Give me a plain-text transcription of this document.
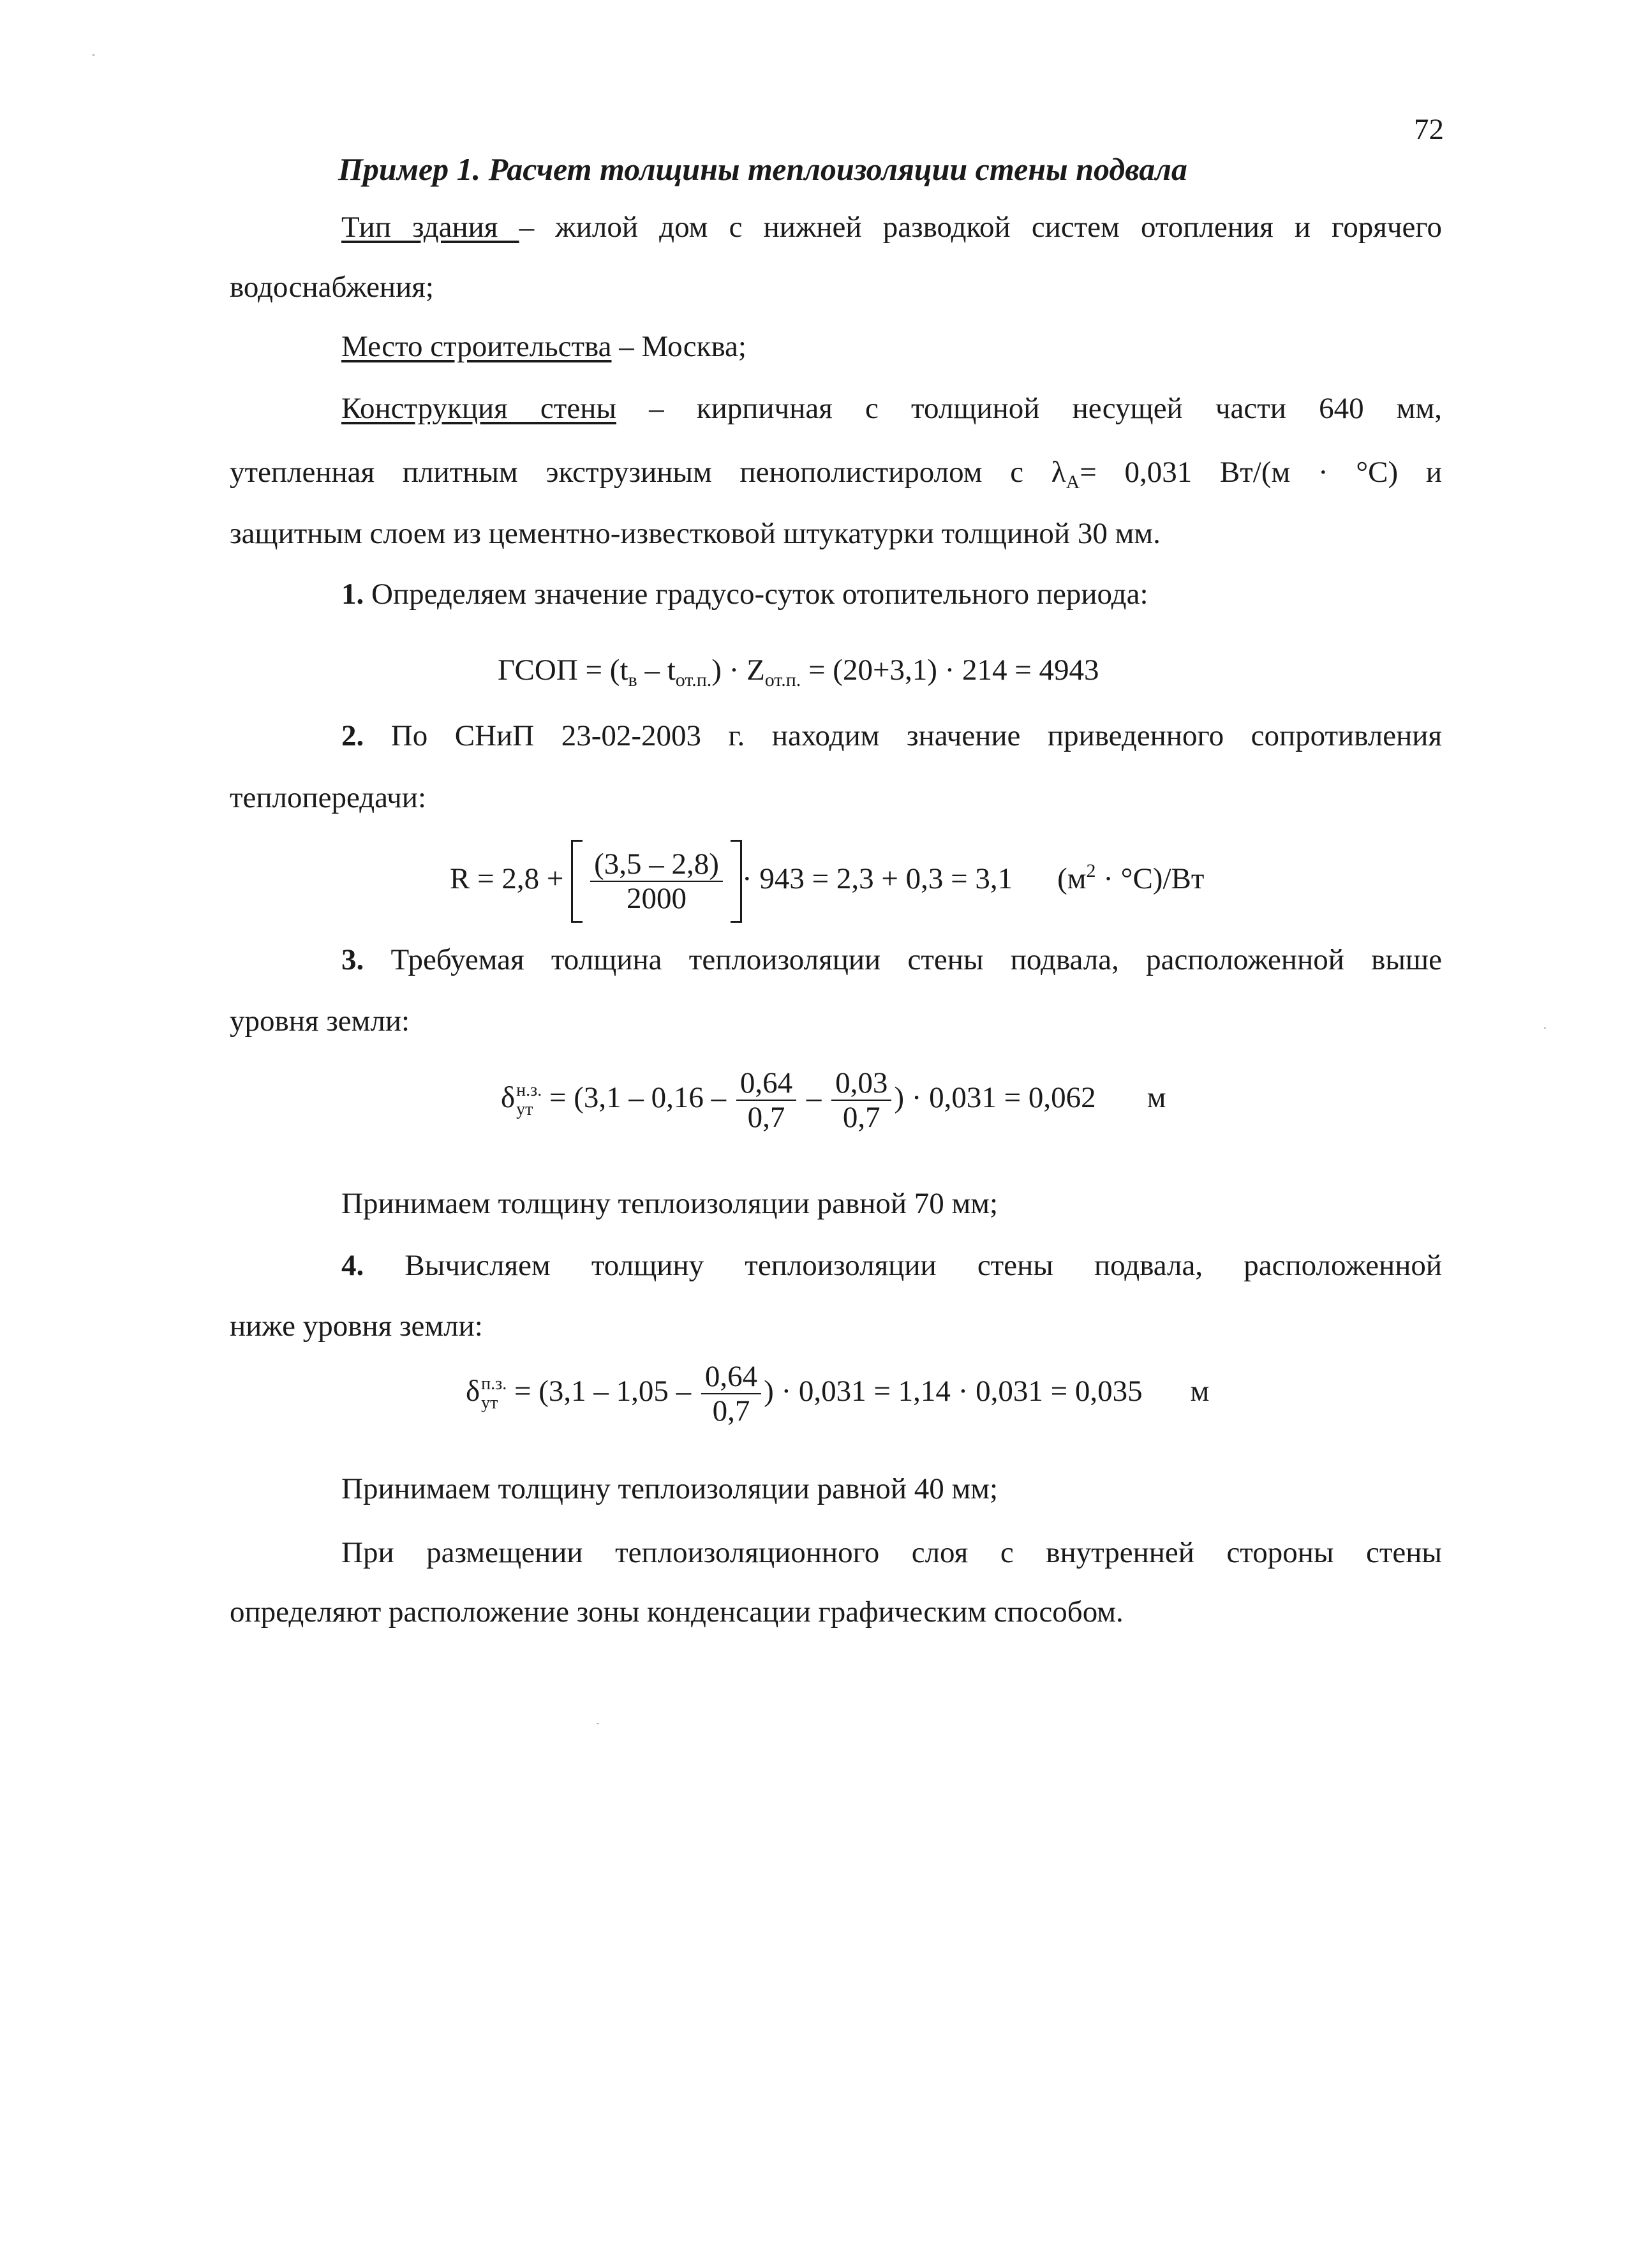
72
Пример 1. Расчет толщины теплоизоляции стены подвала
Тип здания – жилой дом с нижней разводкой систем отопления и горячего
водоснабжения;
Место строительства – Москва;
Конструкция стены – кирпичная с толщиной несущей части 640 мм,
утепленная плитным экструзиным пенополистиролом с $\lambda_А= 0,031$ Вт/(м · °С) и
защитным слоем из цементно-известковой штукатурки толщиной 30 мм.
1. Определяем значение градусо-суток отопительного периода:
ГСОП = $(t_в - t_{от.п.}) \cdot Z_{от.п.} = (20+3,1) \cdot 214 = 4943$
2. По СНиП 23-02-2003 г. находим значение приведенного сопротивления
теплопередачи:
$R = 2,8 + \frac{(3,5 - 2,8)}{2000} \cdot 943 = 2,3 + 0,3 = 3,1$ $(м^2 \cdot ^\circ С)/Вт$
3. Требуемая толщина теплоизоляции стены подвала, расположенной выше
уровня земли:
δ н.з.
ут = ($3,1 - 0,16 - \frac{0,64}{0,7} - \frac{0,03}{0,7}$ ) · 0,031 = 0,062 м
Принимаем толщину теплоизоляции равной 70 мм;
4. Вычисляем толщину теплоизоляции стены подвала, расположенной
ниже уровня земли:
δ п.з.
ут = ($3,1 - 1,05 - \frac{0,64}{0,7}$ ) · 0,031 = 1,14 · 0,031 = 0,035 м
Принимаем толщину теплоизоляции равной 40 мм;
При размещении теплоизоляционного слоя с внутренней стороны стены
определяют расположение зоны конденсации графическим способом.
